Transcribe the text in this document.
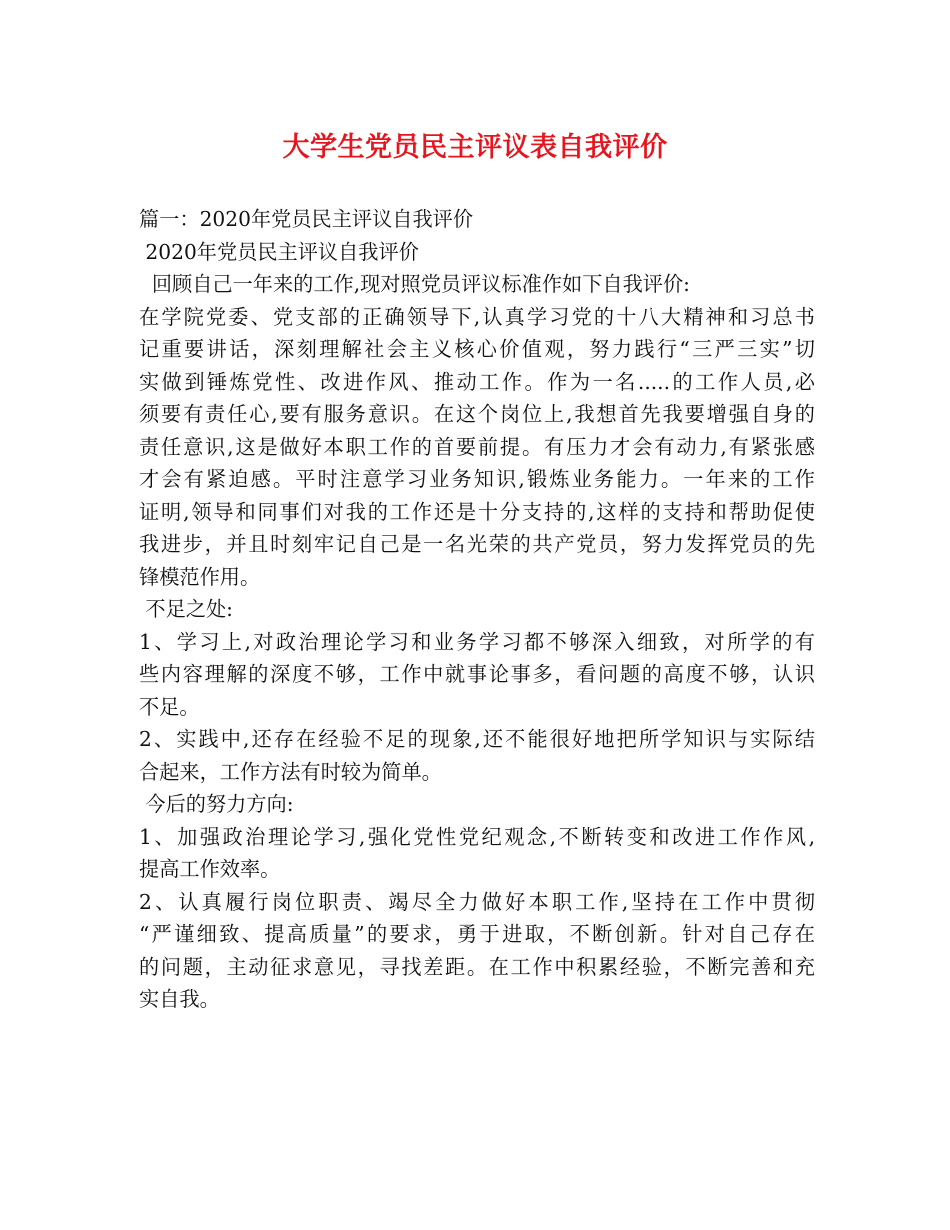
大学生党员民主评议表自我评价
篇一：2020年党员民主评议自我评价
2020年党员民主评议自我评价
回顾自己一年来的工作,现对照党员评议标准作如下自我评价:
在学院党委、党支部的正确领导下,认真学习党的十八大精神和习总书
记重要讲话，深刻理解社会主义核心价值观，努力践行“三严三实”切
实做到锤炼党性、改进作风、推动工作。作为一名.....的工作人员,必
须要有责任心,要有服务意识。在这个岗位上,我想首先我要增强自身的
责任意识,这是做好本职工作的首要前提。有压力才会有动力,有紧张感
才会有紧迫感。平时注意学习业务知识,锻炼业务能力。一年来的工作
证明,领导和同事们对我的工作还是十分支持的,这样的支持和帮助促使
我进步，并且时刻牢记自己是一名光荣的共产党员，努力发挥党员的先
锋模范作用。
不足之处:
1、学习上,对政治理论学习和业务学习都不够深入细致，对所学的有
些内容理解的深度不够，工作中就事论事多，看问题的高度不够，认识
不足。
2、实践中,还存在经验不足的现象,还不能很好地把所学知识与实际结
合起来，工作方法有时较为简单。
今后的努力方向:
1、加强政治理论学习,强化党性党纪观念,不断转变和改进工作作风,
提高工作效率。
2、认真履行岗位职责、竭尽全力做好本职工作,坚持在工作中贯彻
“严谨细致、提高质量”的要求，勇于进取，不断创新。针对自己存在
的问题，主动征求意见，寻找差距。在工作中积累经验，不断完善和充
实自我。
